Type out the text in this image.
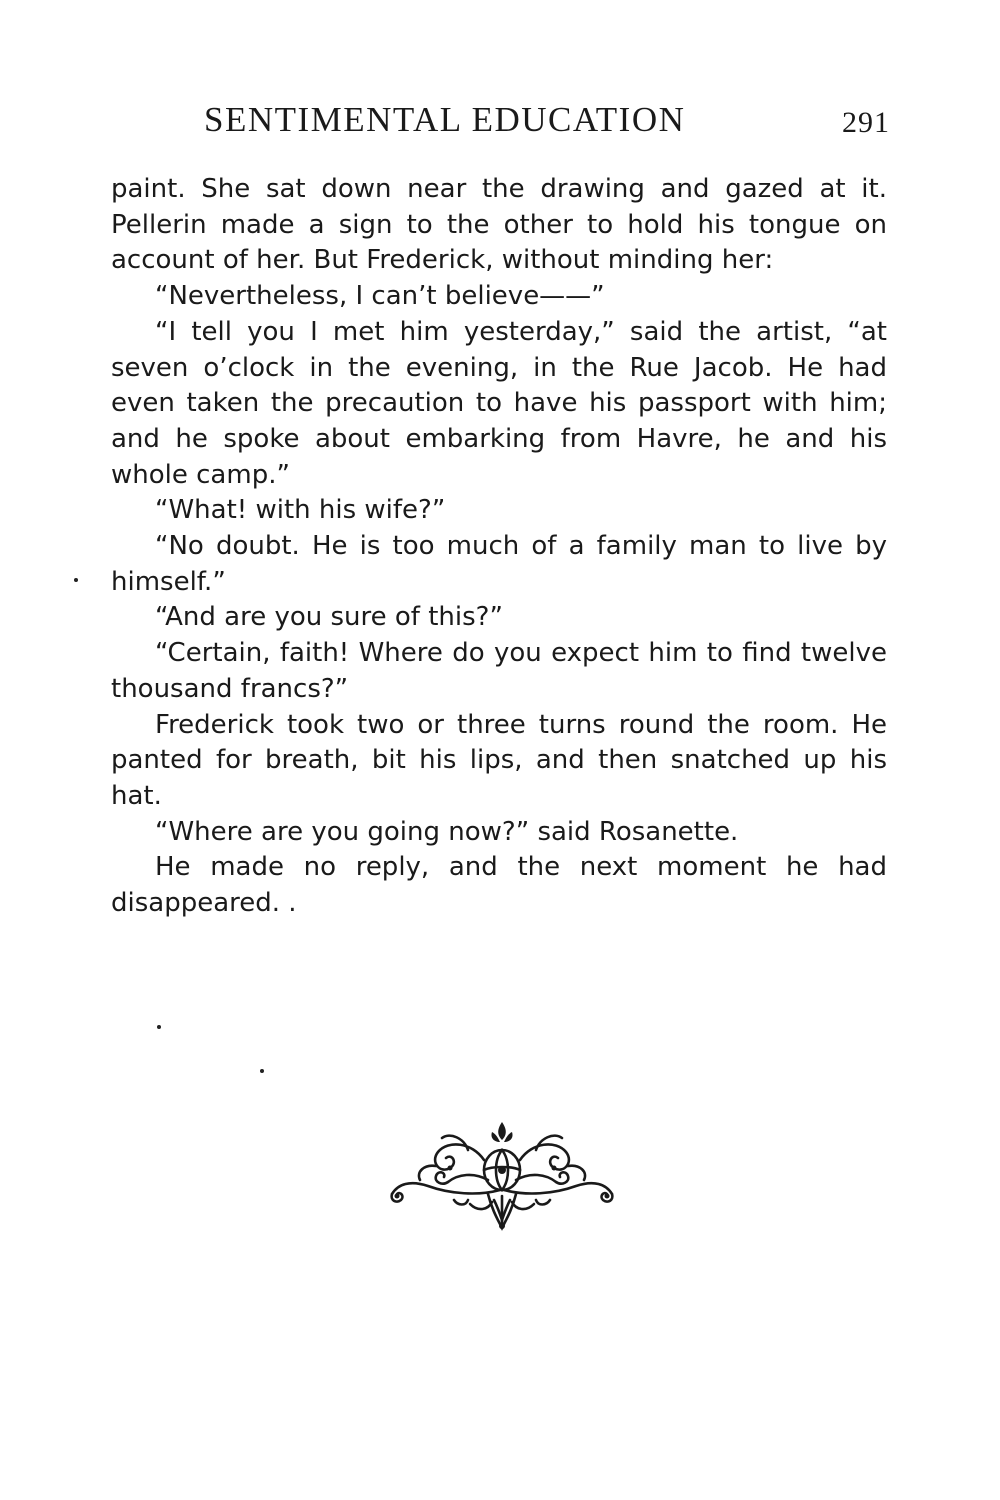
SENTIMENTAL EDUCATION	291

paint. She sat down near the drawing and gazed at it. Pellerin made a sign to the other to hold his tongue on account of her. But Frederick, without minding her:

“Nevertheless, I can’t believe——”

“I tell you I met him yesterday,” said the artist, “at seven o’clock in the evening, in the Rue Jacob. He had even taken the precaution to have his passport with him; and he spoke about embarking from Havre, he and his whole camp.”

“What! with his wife?”

“No doubt. He is too much of a family man to live by himself.”

“And are you sure of this?”

“Certain, faith! Where do you expect him to find twelve thousand francs?”

Frederick took two or three turns round the room. He panted for breath, bit his lips, and then snatched up his hat.

“Where are you going now?” said Rosanette.

He made no reply, and the next moment he had disappeared. .
